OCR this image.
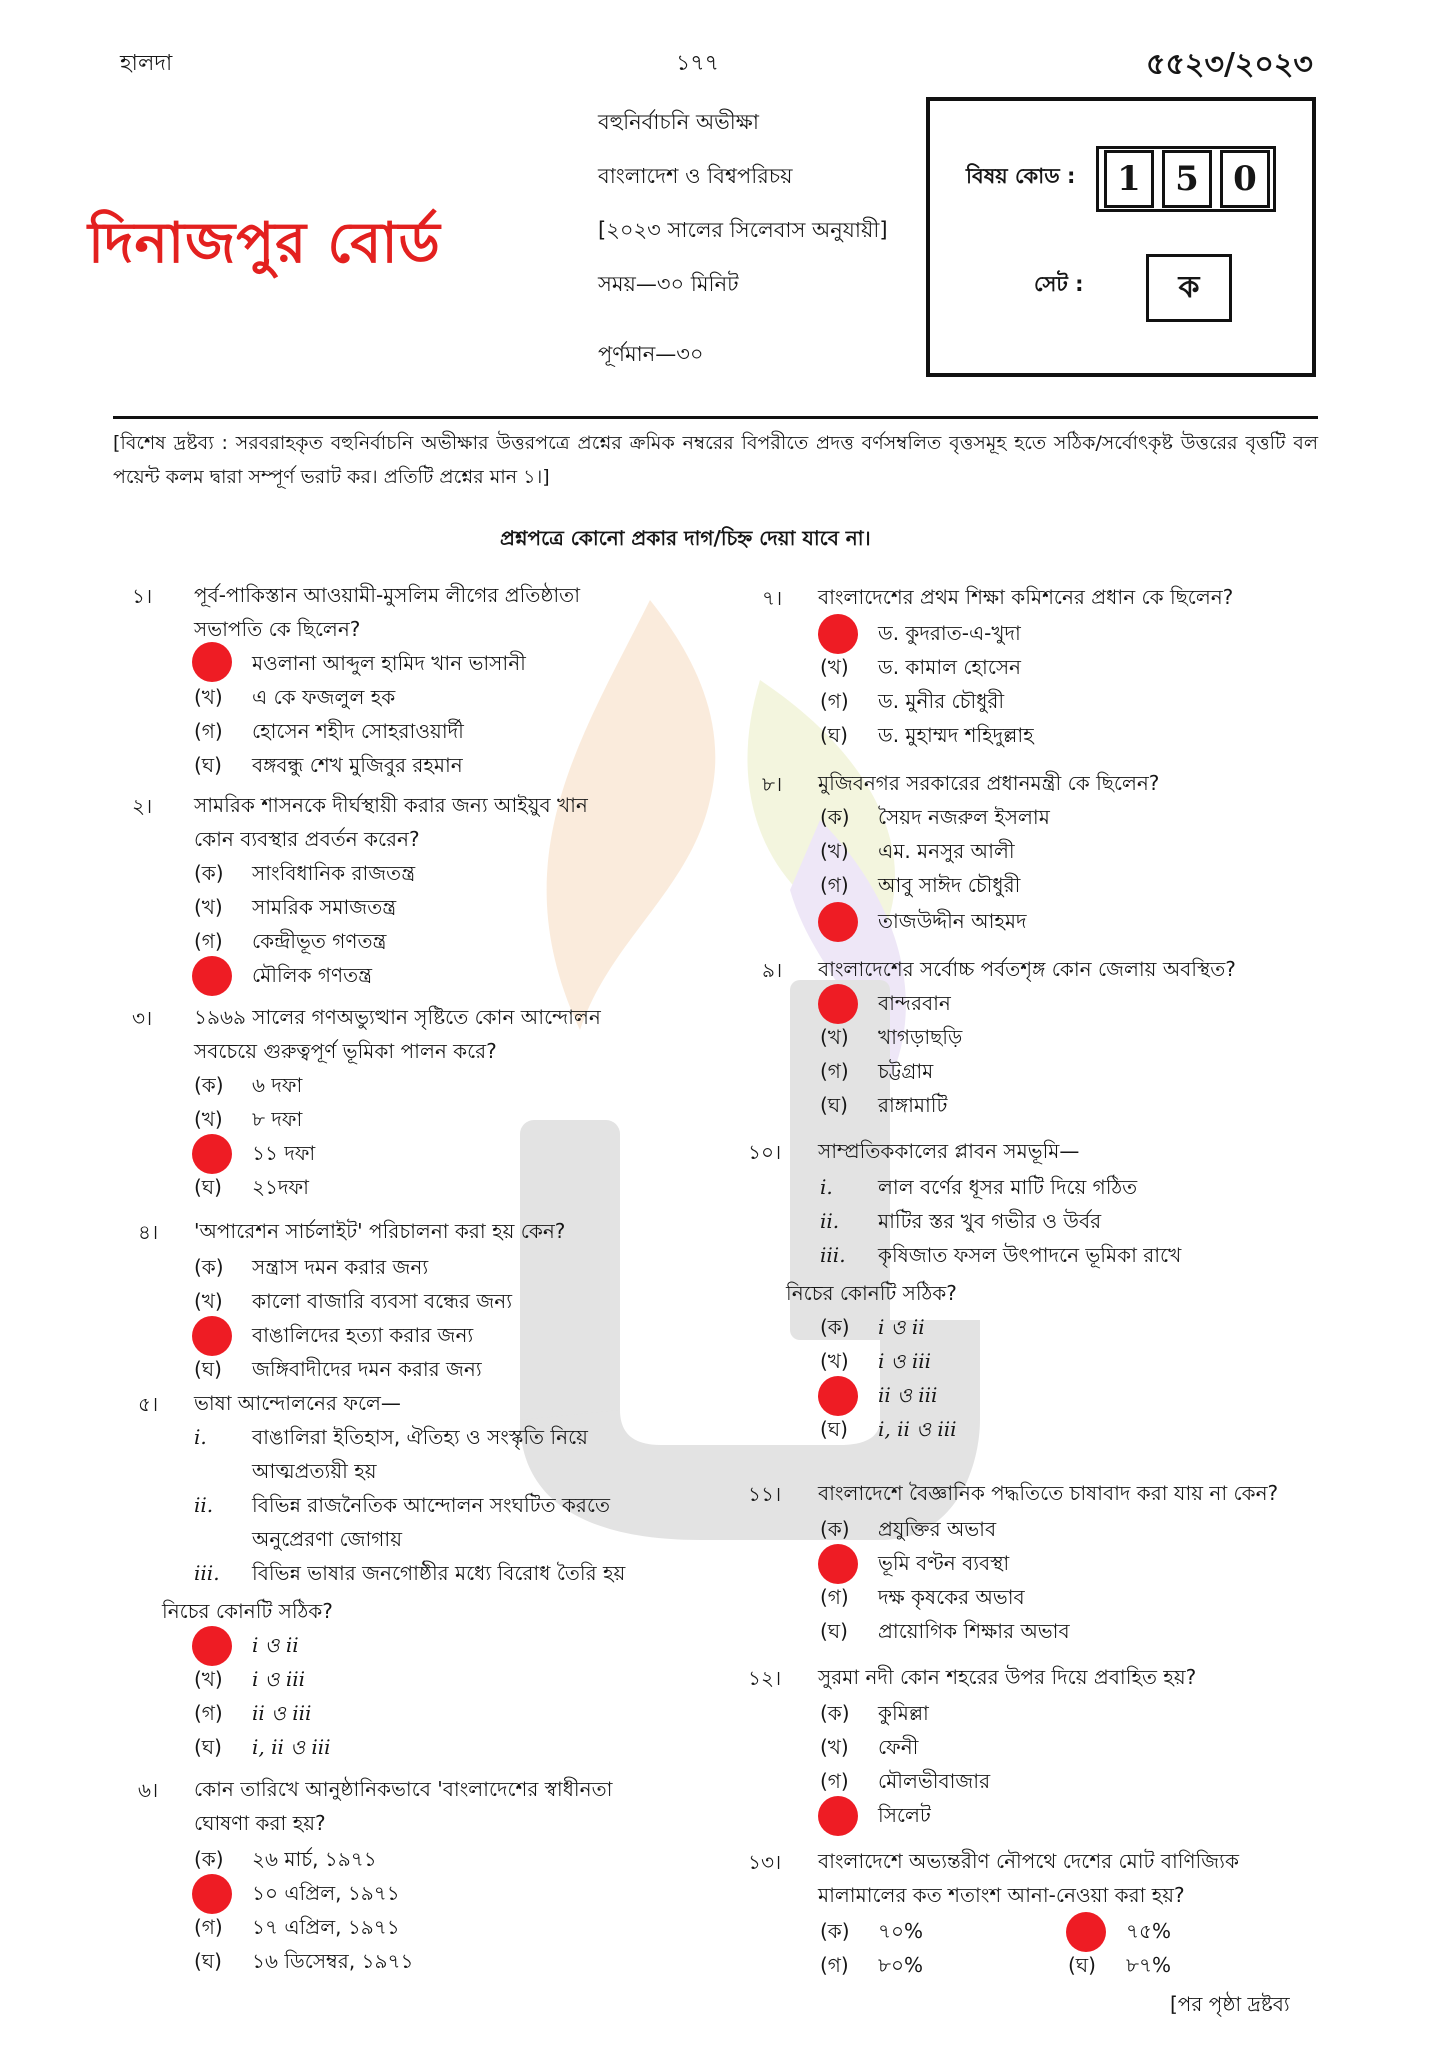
হালদা	১৭৭	৫৫২৩/২০২৩
দিনাজপুর বোর্ড
বহুনির্বাচনি অভীক্ষা
বাংলাদেশ ও বিশ্বপরিচয়
[২০২৩ সালের সিলেবাস অনুযায়ী]
সময়—৩০ মিনিট
পূর্ণমান—৩০
বিষয় কোড :	1	5	0
সেট :	ক
[বিশেষ দ্রষ্টব্য : সরবরাহকৃত বহুনির্বাচনি অভীক্ষার উত্তরপত্রে প্রশ্নের ক্রমিক নম্বরের বিপরীতে প্রদত্ত বর্ণসম্বলিত বৃত্তসমূহ হতে সঠিক/সর্বোৎকৃষ্ট উত্তরের বৃত্তটি বল পয়েন্ট কলম দ্বারা সম্পূর্ণ ভরাট কর। প্রতিটি প্রশ্নের মান ১।]
প্রশ্নপত্রে কোনো প্রকার দাগ/চিহ্ন দেয়া যাবে না।
১। পূর্ব-পাকিস্তান আওয়ামী-মুসলিম লীগের প্রতিষ্ঠাতা
সভাপতি কে ছিলেন?
মওলানা আব্দুল হামিদ খান ভাসানী
(খ) এ কে ফজলুল হক
(গ) হোসেন শহীদ সোহরাওয়ার্দী
(ঘ) বঙ্গবন্ধু শেখ মুজিবুর রহমান
২। সামরিক শাসনকে দীর্ঘস্থায়ী করার জন্য আইয়ুব খান
কোন ব্যবস্থার প্রবর্তন করেন?
(ক) সাংবিধানিক রাজতন্ত্র
(খ) সামরিক সমাজতন্ত্র
(গ) কেন্দ্রীভূত গণতন্ত্র
মৌলিক গণতন্ত্র
৩। ১৯৬৯ সালের গণঅভ্যুত্থান সৃষ্টিতে কোন আন্দোলন
সবচেয়ে গুরুত্বপূর্ণ ভূমিকা পালন করে?
(ক) ৬ দফা
(খ) ৮ দফা
১১ দফা
(ঘ) ২১দফা
৪। 'অপারেশন সার্চলাইট' পরিচালনা করা হয় কেন?
(ক) সন্ত্রাস দমন করার জন্য
(খ) কালো বাজারি ব্যবসা বন্ধের জন্য
বাঙালিদের হত্যা করার জন্য
(ঘ) জঙ্গিবাদীদের দমন করার জন্য
৫। ভাষা আন্দোলনের ফলে—
i. বাঙালিরা ইতিহাস, ঐতিহ্য ও সংস্কৃতি নিয়ে
আত্মপ্রত্যয়ী হয়
ii. বিভিন্ন রাজনৈতিক আন্দোলন সংঘটিত করতে
অনুপ্রেরণা জোগায়
iii. বিভিন্ন ভাষার জনগোষ্ঠীর মধ্যে বিরোধ তৈরি হয়
নিচের কোনটি সঠিক?
i ও ii
(খ) i ও iii
(গ) ii ও iii
(ঘ) i, ii ও iii
৬। কোন তারিখে আনুষ্ঠানিকভাবে 'বাংলাদেশের স্বাধীনতা
ঘোষণা করা হয়?
(ক) ২৬ মার্চ, ১৯৭১
১০ এপ্রিল, ১৯৭১
(গ) ১৭ এপ্রিল, ১৯৭১
(ঘ) ১৬ ডিসেম্বর, ১৯৭১
৭। বাংলাদেশের প্রথম শিক্ষা কমিশনের প্রধান কে ছিলেন?
ড. কুদরাত-এ-খুদা
(খ) ড. কামাল হোসেন
(গ) ড. মুনীর চৌধুরী
(ঘ) ড. মুহাম্মদ শহিদুল্লাহ
৮। মুজিবনগর সরকারের প্রধানমন্ত্রী কে ছিলেন?
(ক) সৈয়দ নজরুল ইসলাম
(খ) এম. মনসুর আলী
(গ) আবু সাঈদ চৌধুরী
তাজউদ্দীন আহমদ
৯। বাংলাদেশের সর্বোচ্চ পর্বতশৃঙ্গ কোন জেলায় অবস্থিত?
বান্দরবান
(খ) খাগড়াছড়ি
(গ) চট্টগ্রাম
(ঘ) রাঙ্গামাটি
১০। সাম্প্রতিককালের প্লাবন সমভূমি—
i. লাল বর্ণের ধূসর মাটি দিয়ে গঠিত
ii. মাটির স্তর খুব গভীর ও উর্বর
iii. কৃষিজাত ফসল উৎপাদনে ভূমিকা রাখে
নিচের কোনটি সঠিক?
(ক) i ও ii
(খ) i ও iii
ii ও iii
(ঘ) i, ii ও iii
১১। বাংলাদেশে বৈজ্ঞানিক পদ্ধতিতে চাষাবাদ করা যায় না কেন?
(ক) প্রযুক্তির অভাব
ভূমি বণ্টন ব্যবস্থা
(গ) দক্ষ কৃষকের অভাব
(ঘ) প্রায়োগিক শিক্ষার অভাব
১২। সুরমা নদী কোন শহরের উপর দিয়ে প্রবাহিত হয়?
(ক) কুমিল্লা
(খ) ফেনী
(গ) মৌলভীবাজার
সিলেট
১৩। বাংলাদেশে অভ্যন্তরীণ নৌপথে দেশের মোট বাণিজ্যিক
মালামালের কত শতাংশ আনা-নেওয়া করা হয়?
(ক) ৭০%	৭৫%
(গ) ৮০%	(ঘ) ৮৭%
[পর পৃষ্ঠা দ্রষ্টব্য
